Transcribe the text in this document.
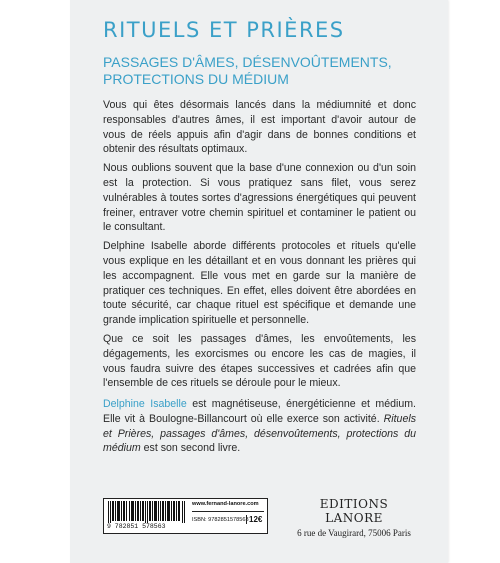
RITUELS ET PRIÈRES
PASSAGES D'ÂMES, DÉSENVOÛTEMENTS,
PROTECTIONS DU MÉDIUM

Vous qui êtes désormais lancés dans la médiumnité et donc responsables d'autres âmes, il est important d'avoir autour de vous de réels appuis afin d'agir dans de bonnes conditions et obtenir des résultats optimaux.

Nous oublions souvent que la base d'une connexion ou d'un soin est la protection. Si vous pratiquez sans filet, vous serez vulnérables à toutes sortes d'agressions énergétiques qui peuvent freiner, entraver votre chemin spirituel et contaminer le patient ou le consultant.

Delphine Isabelle aborde différents protocoles et rituels qu'elle vous explique en les détaillant et en vous donnant les prières qui les accompagnent. Elle vous met en garde sur la manière de pratiquer ces techniques. En effet, elles doivent être abordées en toute sécurité, car chaque rituel est spécifique et demande une grande implication spirituelle et personnelle.

Que ce soit les passages d'âmes, les envoûtements, les dégagements, les exorcismes ou encore les cas de magies, il vous faudra suivre des étapes successives et cadrées afin que l'ensemble de ces rituels se déroule pour le mieux.

Delphine Isabelle est magnétiseuse, énergéticienne et médium. Elle vit à Boulogne-Billancourt où elle exerce son activité. Rituels et Prières, passages d'âmes, désenvoûtements, protections du médium est son second livre.
9 782851 578563
www.fernand-lanore.com
ISBN: 9782851578563 12€
EDITIONS LANORE
6 rue de Vaugirard, 75006 Paris
